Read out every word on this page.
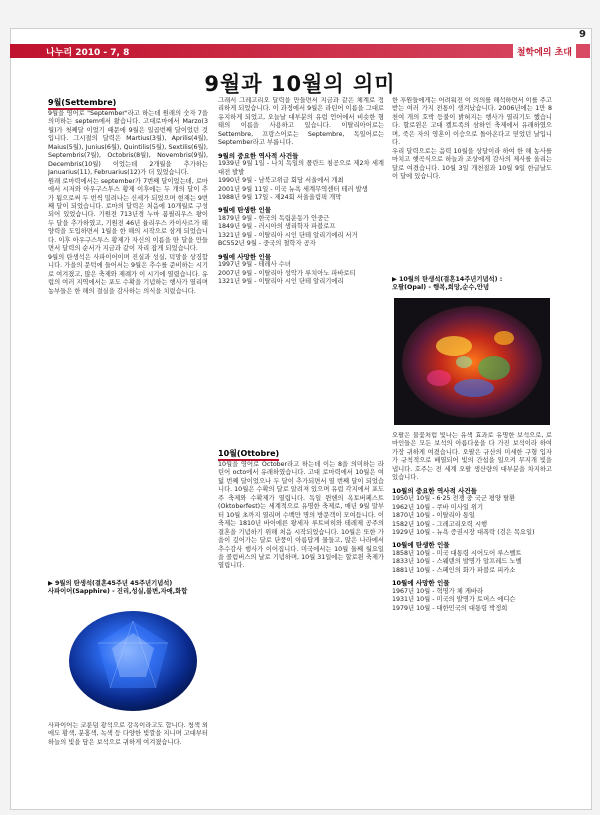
9
나누리 2010 - 7, 8	철학에의 초대
9월과 10월의 의미
9월(Settembre)
9월을 영어로 "September"라고 하는데 원래의 숫자 7을 의미하는 septem에서 왔습니다. 고대로마에서 Marzo(3월)가 첫째달 이었기 때문에 9월은 일곱번째 달이었던 것입니다. 그시절의 달력은 Martius(3월), Aprilis(4월), Maius(5월), Junius(6월), Quintilis(5월), Sextilis(6월), Septembris(7월), Octobris(8월), Novembris(9월), Decembris(10월) 이었는데 2개월을 추가하는 Januarius(11), Februarius(12)가 더 있었습니다.
원래 로마력에서는 september가 7번째 달이었는데, 로마에서 시저와 아우구스투스 황제 이후에는 두 개의 달이 추가 됨으로써 두 번씩 밀려나는 신세가 되었으며 현재는 9번째 달이 되었습니다. 로마의 달력은 처음에 10개월로 구성되어 있었습니다. 기원전 713년경 누마 폼필리우스 왕이 두 달을 추가하였고, 기원전 46년 율리우스 카이사르가 태양력을 도입하면서 1월을 한 해의 시작으로 삼게 되었습니다. 이후 아우구스투스 황제가 자신의 이름을 딴 달을 만들면서 달력의 순서가 지금과 같이 자리 잡게 되었습니다.
9월의 탄생석은 사파이어이며 진실과 성실, 덕망을 상징합니다. 가을의 문턱에 들어서는 9월은 추수를 준비하는 시기로 여겨졌고, 많은 축제와 제례가 이 시기에 열렸습니다. 유럽의 여러 지역에서는 포도 수확을 기념하는 행사가 열리며 농부들은 한 해의 결실을 감사하는 의식을 치렀습니다.
▶ 9월의 탄생석(결혼45주년 45주년기념석)
사파이어(Sapphire) - 진리,성실,불변,자애,화합
사파이어는 코룬덤 광석으로 강옥이라고도 합니다. 청색 외에도 황색, 분홍색, 녹색 등 다양한 빛깔을 지니며 고대부터 하늘의 빛을 담은 보석으로 귀하게 여겨졌습니다.
그래서 그레고리오 달력을 만들면서 지금과 같은 체계로 정리하게 되었습니다. 이 과정에서 9월은 라틴어 이름을 그대로 유지하게 되었고, 오늘날 대부분의 유럽 언어에서 비슷한 형태의 이름을 사용하고 있습니다. 이탈리아어로는 Settembre, 프랑스어로는 Septembre, 독일어로는 September라고 부릅니다.
9월의 중요한 역사적 사건들
1939년 9월 1일 - 나치 독일의 폴란드 침공으로 제2차 세계대전 발발
1990년 9월 - 남북고위급 회담 서울에서 개최
2001년 9월 11일 - 미국 뉴욕 세계무역센터 테러 발생
1988년 9월 17일 - 제24회 서울올림픽 개막
9월에 탄생한 인물
1879년 9월 - 한국의 독립운동가 안중근
1849년 9월 - 러시아의 생리학자 파블로프
1321년 9월 - 이탈리아 시인 단테 알리기에리 서거
BC552년 9월 - 중국의 철학자 공자
9월에 사망한 인물
1997년 9월 - 테레사 수녀
2007년 9월 - 이탈리아 성악가 루치아노 파바로티
1321년 9월 - 이탈리아 시인 단테 알리기에리
10월(Ottobre)
10월을 영어로 October라고 하는데 이는 8을 의미하는 라틴어 octo에서 유래하였습니다. 고대 로마력에서 10월은 여덟 번째 달이었으나 두 달이 추가되면서 열 번째 달이 되었습니다. 10월은 수확의 달로 알려져 있으며 유럽 각지에서 포도주 축제와 수확제가 열립니다. 독일 뮌헨의 옥토버페스트(Oktoberfest)는 세계적으로 유명한 축제로, 매년 9월 말부터 10월 초까지 열리며 수백만 명의 방문객이 모여듭니다. 이 축제는 1810년 바이에른 왕세자 루트비히와 테레제 공주의 결혼을 기념하기 위해 처음 시작되었습니다. 10월은 또한 가을이 깊어가는 달로 단풍이 아름답게 물들고, 많은 나라에서 추수감사 행사가 이어집니다. 미국에서는 10월 둘째 월요일을 콜럼버스의 날로 기념하며, 10월 31일에는 할로윈 축제가 열립니다.
한 후원들에게는 어려워진 이 의의를 해석하면서 이를 주고 받는 여러 가지 전통이 생겨났습니다. 2006년에는 1만 8천여 개의 호박 등불이 밝혀지는 행사가 열리기도 했습니다. 할로윈은 고대 켈트족의 삼하인 축제에서 유래하였으며, 죽은 자의 영혼이 이승으로 돌아온다고 믿었던 날입니다.
우리 달력으로는 음력 10월을 상달이라 하여 한 해 농사를 마치고 햇곡식으로 하늘과 조상에게 감사의 제사를 올리는 달로 여겼습니다. 10월 3일 개천절과 10월 9일 한글날도 이 달에 있습니다.
▶ 10월의 탄생석(결혼14주년기념석) :
오팔(Opal) - 행복,희망,순수,안녕
오팔은 불꽃처럼 빛나는 유색 효과로 유명한 보석으로, 로마인들은 모든 보석의 아름다움을 다 가진 보석이라 하여 가장 귀하게 여겼습니다. 오팔은 규산의 미세한 구형 입자가 규칙적으로 배열되어 빛의 간섭을 일으켜 무지개 빛을 냅니다. 호주는 전 세계 오팔 생산량의 대부분을 차지하고 있습니다.
10월의 중요한 역사적 사건들
1950년 10월 - 6·25 전쟁 중 국군 평양 탈환
1962년 10월 - 쿠바 미사일 위기
1870년 10월 - 이탈리아 통일
1582년 10월 - 그레고리오력 시행
1929년 10월 - 뉴욕 증권시장 대폭락 (검은 목요일)
10월에 탄생한 인물
1858년 10월 - 미국 대통령 시어도어 루스벨트
1833년 10월 - 스웨덴의 발명가 알프레드 노벨
1881년 10월 - 스페인의 화가 파블로 피카소
10월에 사망한 인물
1967년 10월 - 혁명가 체 게바라
1931년 10월 - 미국의 발명가 토머스 에디슨
1979년 10월 - 대한민국의 대통령 박정희
